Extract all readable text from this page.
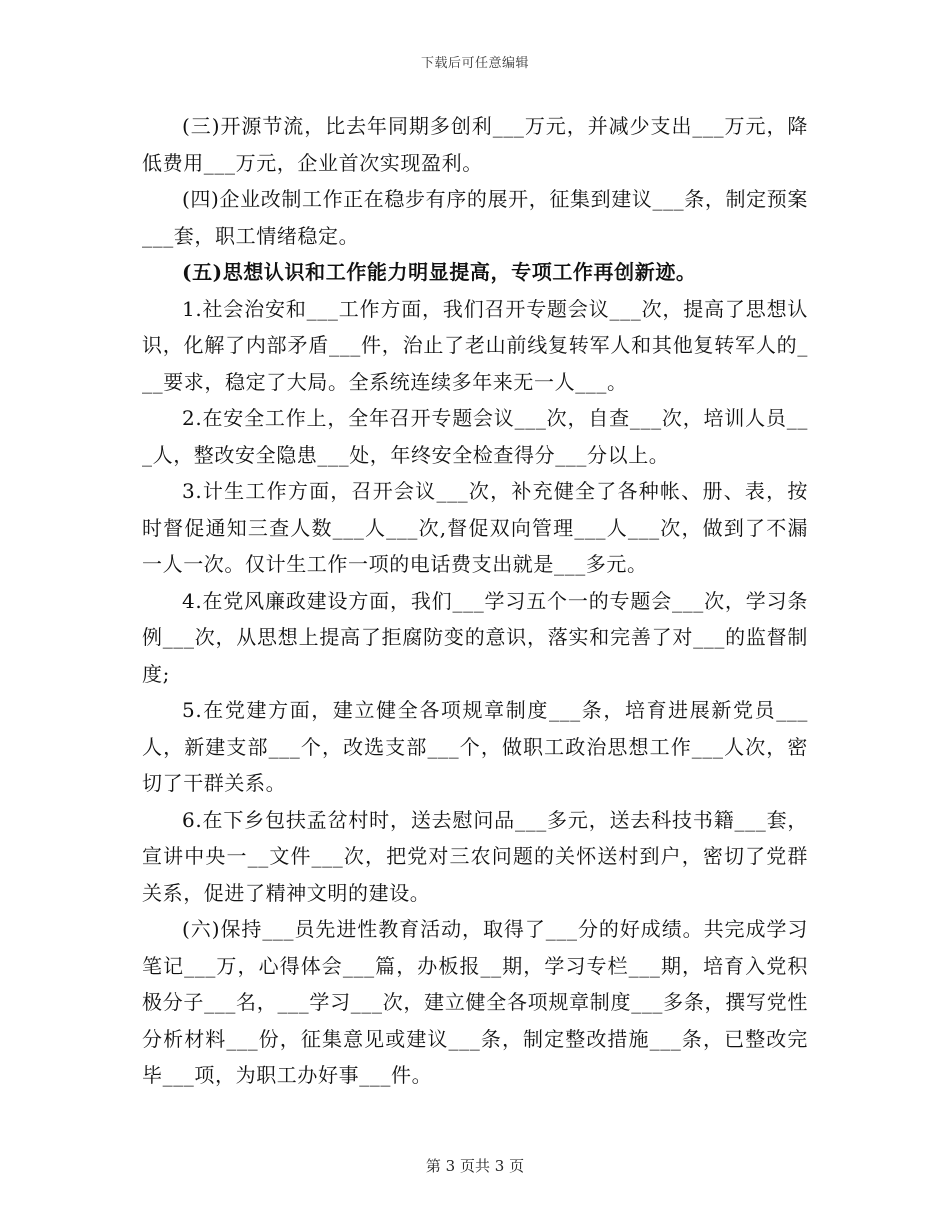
下载后可任意编辑

(三)开源节流，比去年同期多创利___万元，并减少支出___万元，降低费用___万元，企业首次实现盈利。

(四)企业改制工作正在稳步有序的展开，征集到建议___条，制定预案___套，职工情绪稳定。

(五)思想认识和工作能力明显提高，专项工作再创新迹。

1.社会治安和___工作方面，我们召开专题会议___次，提高了思想认识，化解了内部矛盾___件，治止了老山前线复转军人和其他复转军人的___要求，稳定了大局。全系统连续多年来无一人___。

2.在安全工作上，全年召开专题会议___次，自查___次，培训人员___人，整改安全隐患___处，年终安全检查得分___分以上。

3.计生工作方面，召开会议___次，补充健全了各种帐、册、表，按时督促通知三查人数___人___次,督促双向管理___人___次，做到了不漏一人一次。仅计生工作一项的电话费支出就是___多元。

4.在党风廉政建设方面，我们___学习五个一的专题会___次，学习条例___次，从思想上提高了拒腐防变的意识，落实和完善了对___的监督制度;

5.在党建方面，建立健全各项规章制度___条，培育进展新党员___人，新建支部___个，改选支部___个，做职工政治思想工作___人次，密切了干群关系。

6.在下乡包扶孟岔村时，送去慰问品___多元，送去科技书籍___套，宣讲中央一__文件___次，把党对三农问题的关怀送村到户，密切了党群关系，促进了精神文明的建设。

(六)保持___员先进性教育活动，取得了___分的好成绩。共完成学习笔记___万，心得体会___篇，办板报__期，学习专栏___期，培育入党积极分子___名，___学习___次，建立健全各项规章制度___多条，撰写党性分析材料___份，征集意见或建议___条，制定整改措施___条，已整改完毕___项，为职工办好事___件。

第 3 页共 3 页
